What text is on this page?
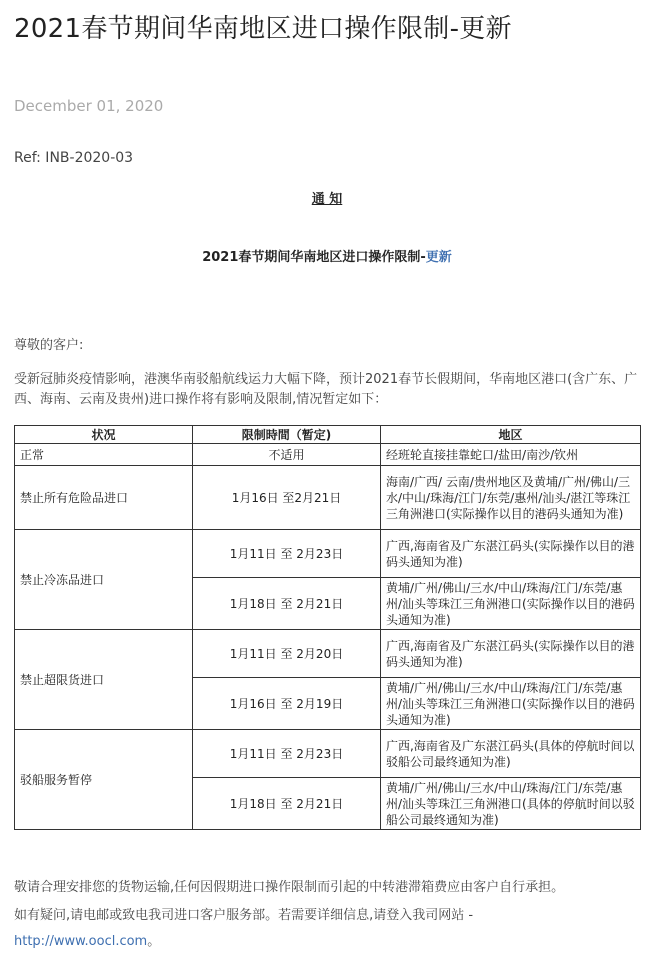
2021春节期间华南地区进口操作限制-更新
December 01, 2020
Ref: INB-2020-03
通 知
2021春节期间华南地区进口操作限制-更新
尊敬的客户:
受新冠肺炎疫情影响，港澳华南驳船航线运力大幅下降，预计2021春节长假期间，华南地区港口(含广东、广西、海南、云南及贵州)进口操作将有影响及限制,情况暂定如下：
状况	限制時間（暂定)	地区
正常	不适用	经班轮直接挂靠蛇口/盐田/南沙/钦州
禁止所有危险品进口	1月16日 至2月21日	海南/广西/ 云南/贵州地区及黄埔/广州/佛山/三水/中山/珠海/江门/东莞/惠州/汕头/湛江等珠江三角洲港口(实际操作以目的港码头通知为准)
禁止冷冻品进口	1月11日 至 2月23日	广西,海南省及广东湛江码头(实际操作以目的港码头通知为准)
	1月18日 至 2月21日	黄埔/广州/佛山/三水/中山/珠海/江门/东莞/惠州/汕头等珠江三角洲港口(实际操作以目的港码头通知为准)
禁止超限货进口	1月11日 至 2月20日	广西,海南省及广东湛江码头(实际操作以目的港码头通知为准)
	1月16日 至 2月19日	黄埔/广州/佛山/三水/中山/珠海/江门/东莞/惠州/汕头等珠江三角洲港口(实际操作以目的港码头通知为准)
驳船服务暂停	1月11日 至 2月23日	广西,海南省及广东湛江码头(具体的停航时间以驳船公司最终通知为准)
	1月18日 至 2月21日	黄埔/广州/佛山/三水/中山/珠海/江门/东莞/惠州/汕头等珠江三角洲港口(具体的停航时间以驳船公司最终通知为准)
敬请合理安排您的货物运输,任何因假期进口操作限制而引起的中转港滞箱费应由客户自行承担。
如有疑问,请电邮或致电我司进口客户服务部。若需要详细信息,请登入我司网站 -
http://www.oocl.com。
